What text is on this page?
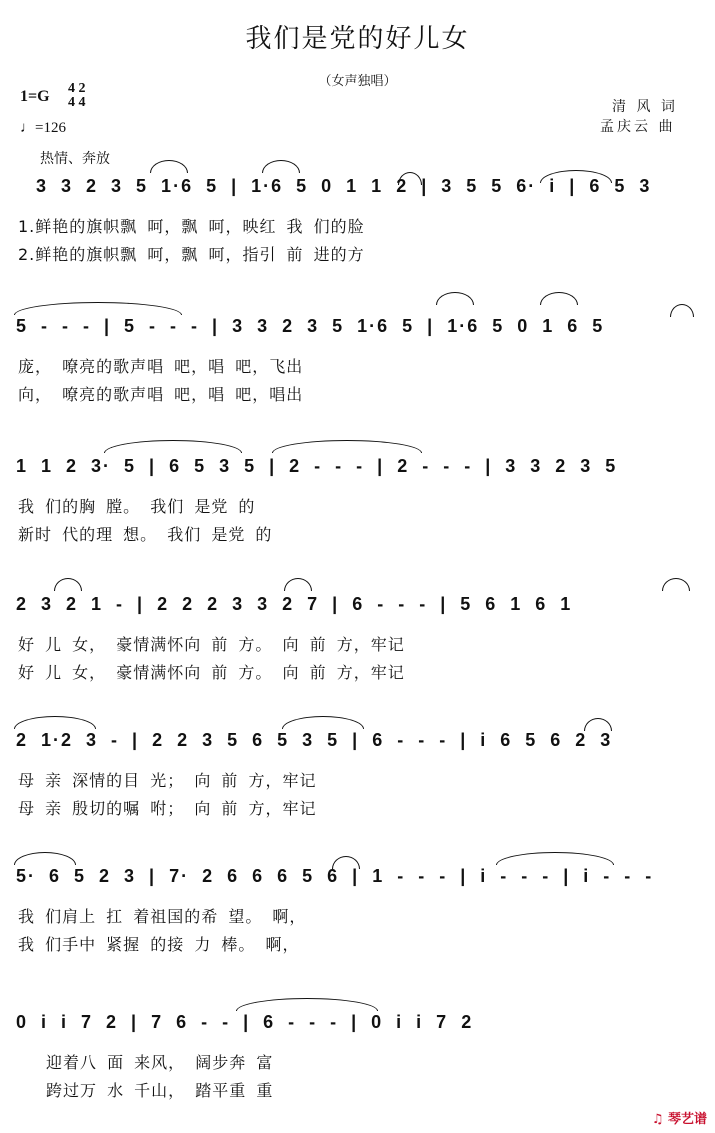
我们是党的好儿女
（女声独唱）
1=G 4 2
4 4
♩=126
热情、奔放
清 风 词
孟庆云 曲
3 3 2 3 5 1·6 5 | 1·6 5 0 1 1 2 | 3 5 5 6· i | 6 5 3
1.鲜艳的旗帜飘 呵，飘 呵，映红 我 们的脸
2.鲜艳的旗帜飘 呵，飘 呵，指引 前 进的方
5 - - - | 5 - - - | 3 3 2 3 5 1·6 5 | 1·6 5 0 1 6 5
庞， 嘹亮的歌声唱 吧，唱 吧，飞出
向， 嘹亮的歌声唱 吧，唱 吧，唱出
1 1 2 3· 5 | 6 5 3 5 | 2 - - - | 2 - - - | 3 3 2 3 5
我 们的胸 膛。 我们 是党 的
新时 代的理 想。 我们 是党 的
2 3 2 1 - | 2 2 2 3 3 2 7 | 6 - - - | 5 6 1 6 1
好 儿 女， 豪情满怀向 前 方。 向 前 方，牢记
好 儿 女， 豪情满怀向 前 方。 向 前 方，牢记
2 1·2 3 - | 2 2 3 5 6 5 3 5 | 6 - - - | i 6 5 6 2 3
母 亲 深情的目 光； 向 前 方，牢记
母 亲 殷切的嘱 咐； 向 前 方，牢记
5· 6 5 2 3 | 7· 2 6 6 6 5 6 | 1 - - - | i - - - | i - - -
我 们肩上 扛 着祖国的希 望。 啊，
我 们手中 紧握 的接 力 棒。 啊，
0 i i 7 2 | 7 6 - - | 6 - - - | 0 i i 7 2
迎着八 面 来风， 阔步奔 富
跨过万 水 千山， 踏平重 重
♫ 琴艺谱
